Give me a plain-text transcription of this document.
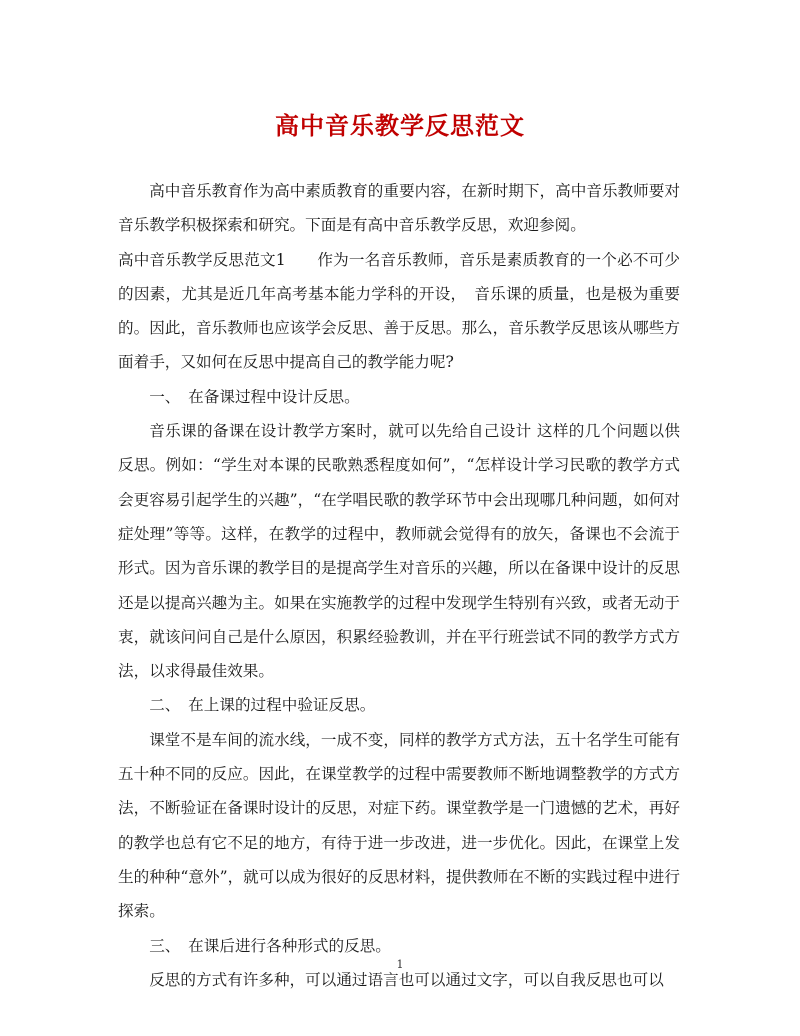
高中音乐教学反思范文

高中音乐教育作为高中素质教育的重要内容，在新时期下，高中音乐教师要对音乐教学积极探索和研究。下面是有高中音乐教学反思，欢迎参阅。

高中音乐教学反思范文1　　作为一名音乐教师，音乐是素质教育的一个必不可少的因素，尤其是近几年高考基本能力学科的开设，　音乐课的质量，也是极为重要的。因此，音乐教师也应该学会反思、善于反思。那么，音乐教学反思该从哪些方面着手，又如何在反思中提高自己的教学能力呢?

一、　在备课过程中设计反思。

音乐课的备课在设计教学方案时，就可以先给自己设计 这样的几个问题以供反思。例如：“学生对本课的民歌熟悉程度如何”，“怎样设计学习民歌的教学方式会更容易引起学生的兴趣”，“在学唱民歌的教学环节中会出现哪几种问题，如何对症处理”等等。这样，在教学的过程中，教师就会觉得有的放矢，备课也不会流于形式。因为音乐课的教学目的是提高学生对音乐的兴趣，所以在备课中设计的反思还是以提高兴趣为主。如果在实施教学的过程中发现学生特别有兴致，或者无动于衷，就该问问自己是什么原因，积累经验教训，并在平行班尝试不同的教学方式方法，以求得最佳效果。

二、　在上课的过程中验证反思。

课堂不是车间的流水线，一成不变，同样的教学方式方法，五十名学生可能有五十种不同的反应。因此，在课堂教学的过程中需要教师不断地调整教学的方式方法，不断验证在备课时设计的反思，对症下药。课堂教学是一门遗憾的艺术，再好的教学也总有它不足的地方，有待于进一步改进，进一步优化。因此，在课堂上发生的种种“意外”，就可以成为很好的反思材料，提供教师在不断的实践过程中进行探索。

三、　在课后进行各种形式的反思。

反思的方式有许多种，可以通过语言也可以通过文字，可以自我反思也可以

1
